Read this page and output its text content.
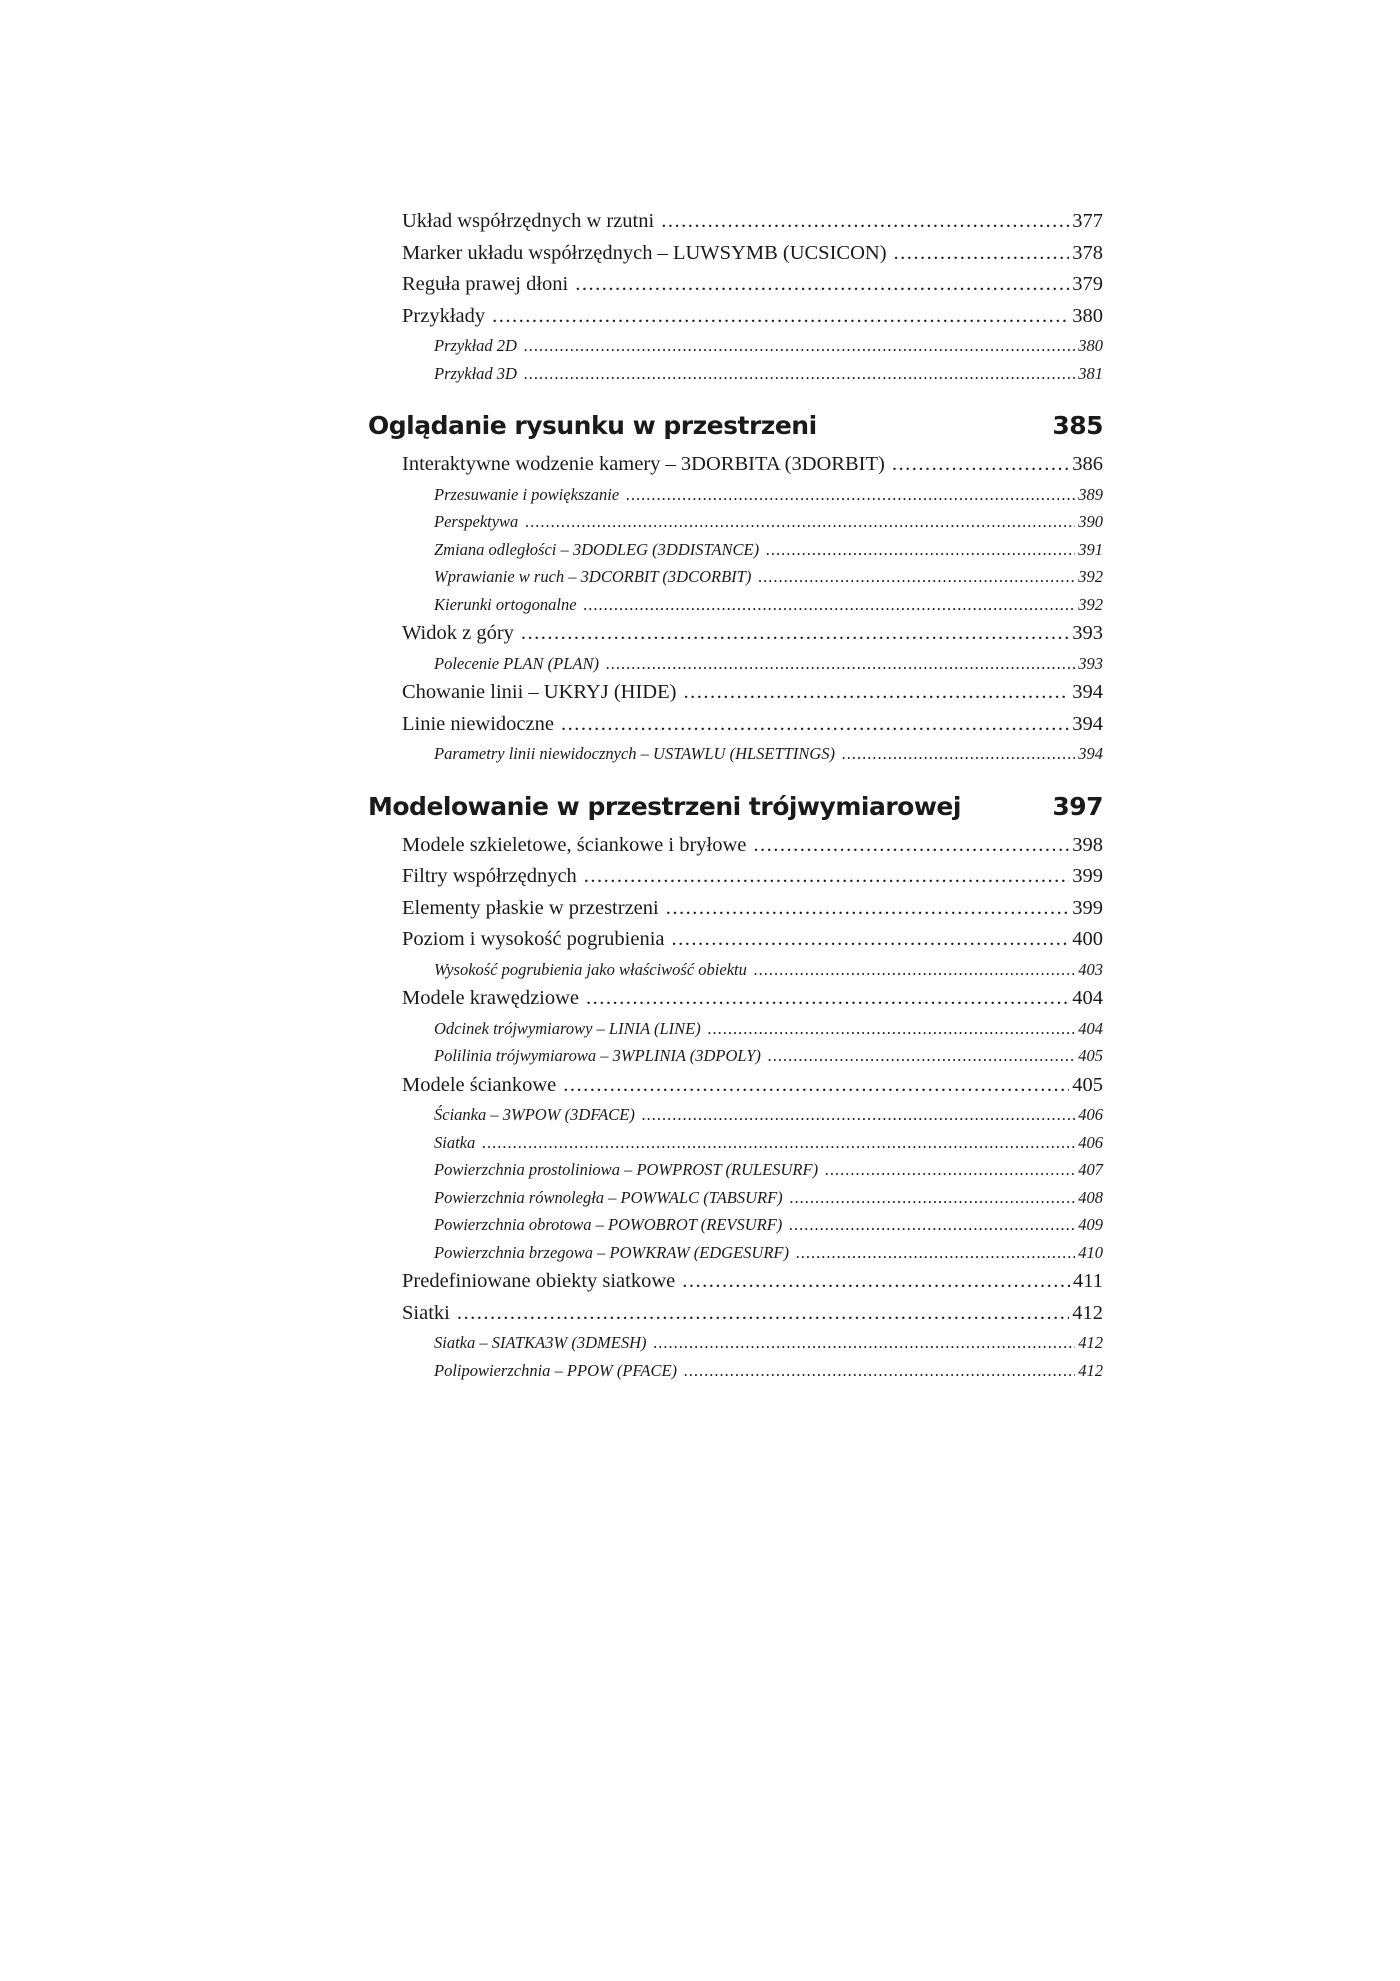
Układ współrzędnych w rzutni .....	377
Marker układu współrzędnych – LUWSYMB (UCSICON) .....	378
Reguła prawej dłoni .....	379
Przykłady .....	380
Przykład 2D .....	380
Przykład 3D .....	381
Oglądanie rysunku w przestrzeni	385
Interaktywne wodzenie kamery – 3DORBITA (3DORBIT) .....	386
Przesuwanie i powiększanie .....	389
Perspektywa .....	390
Zmiana odległości – 3DODLEG (3DDISTANCE) .....	391
Wprawianie w ruch – 3DCORBIT (3DCORBIT) .....	392
Kierunki ortogonalne .....	392
Widok z góry .....	393
Polecenie PLAN (PLAN) .....	393
Chowanie linii – UKRYJ (HIDE) .....	394
Linie niewidoczne .....	394
Parametry linii niewidocznych – USTAWLU (HLSETTINGS) .....	394
Modelowanie w przestrzeni trójwymiarowej	397
Modele szkieletowe, ściankowe i bryłowe .....	398
Filtry współrzędnych .....	399
Elementy płaskie w przestrzeni .....	399
Poziom i wysokość pogrubienia .....	400
Wysokość pogrubienia jako właściwość obiektu .....	403
Modele krawędziowe .....	404
Odcinek trójwymiarowy – LINIA (LINE) .....	404
Polilinia trójwymiarowa – 3WPLINIA (3DPOLY) .....	405
Modele ściankowe .....	405
Ścianka – 3WPOW (3DFACE) .....	406
Siatka .....	406
Powierzchnia prostoliniowa – POWPROST (RULESURF) .....	407
Powierzchnia równoległa – POWWALC (TABSURF) .....	408
Powierzchnia obrotowa – POWOBROT (REVSURF) .....	409
Powierzchnia brzegowa – POWKRAW (EDGESURF) .....	410
Predefiniowane obiekty siatkowe .....	411
Siatki .....	412
Siatka – SIATKA3W (3DMESH) .....	412
Polipowierzchnia – PPOW (PFACE) .....	412
